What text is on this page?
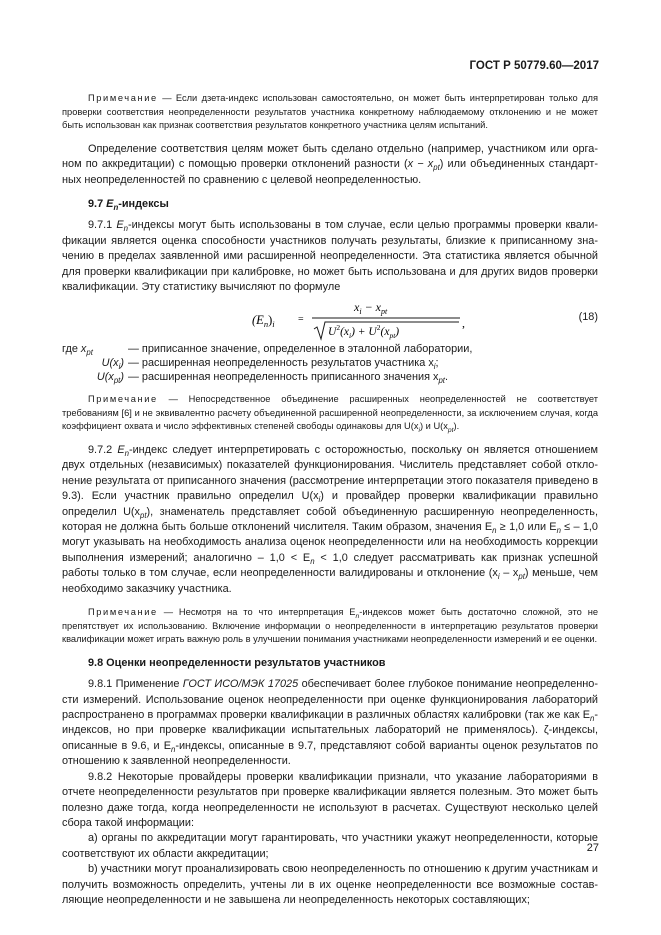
ГОСТ Р 50779.60—2017

Примечание — Если дзета-индекс использован самостоятельно, он может быть интерпретирован только для проверки соответствия неопределенности результатов участника конкретному наблюдаемому отклонению и не может быть использован как признак соответствия результатов конкретного участника целям испытаний.

Определение соответствия целям может быть сделано отдельно (например, участником или органом по аккредитации) с помощью проверки отклонений разности $(x - x_{pt})$ или объединенных стандартных неопределенностей по сравнению с целевой неопределенностью.

9.7 $E_n$-индексы

9.7.1 $E_n$-индексы могут быть использованы в том случае, если целью программы проверки квалификации является оценка способности участников получать результаты, близкие к приписанному значению в пределах заявленной ими расширенной неопределенности. Эта статистика является обычной для проверки квалификации при калибровке, но может быть использована и для других видов проверки квалификации. Эту статистику вычисляют по формуле

$(E_n)_i$ =
$x_i - x_{pt}$
$U^2(x_i) + U^2(x_{pt})$
,	(18)
где $x_{pt}$	— приписанное значение, определенное в эталонной лаборатории,
$U(x_i)$ — расширенная неопределенность результатов участника $x_i$;
$U(x_{pt})$ — расширенная неопределенность приписанного значения $x_{pt}$.

Примечание — Непосредственное объединение расширенных неопределенностей не соответствует требованиям [6] и не эквивалентно расчету объединенной расширенной неопределенности, за исключением случая, когда коэффициент охвата и число эффективных степеней свободы одинаковы для $U(x_i)$ и $U(x_{pt})$.

9.7.2 $E_n$-индекс следует интерпретировать с осторожностью, поскольку он является отношением двух отдельных (независимых) показателей функционирования. Числитель представляет собой отклонение результата от приписанного значения (рассмотрение интерпретации этого показателя приведено в 9.3). Если участник правильно определил $U(x_i)$ и провайдер проверки квалификации правильно определил $U(x_{pt})$, знаменатель представляет собой объединенную расширенную неопределенность, которая не должна быть больше отклонений числителя. Таким образом, значения $E_n \ge 1,0$ или $E_n$ ≤ – 1,0 могут указывать на необходимость анализа оценок неопределенности или на необходимость коррекции выполнения измерений; аналогично – $1,0 < E_n < 1,0$ следует рассматривать как признак успешной работы только в том случае, если неопределенности валидированы и отклонение $(x_i - x_{pt})$ меньше, чем необходимо заказчику участника.

Примечание — Несмотря на то что интерпретация $E_n$-индексов может быть достаточно сложной, это не препятствует их использованию. Включение информации о неопределенности в интерпретацию результатов проверки квалификации может играть важную роль в улучшении понимания участниками неопределенности измерений и ее оценки.

9.8 Оценки неопределенности результатов участников

9.8.1 Применение ГОСТ ИСО/МЭК 17025 обеспечивает более глубокое понимание неопределенности измерений. Использование оценок неопределенности при оценке функционирования лабораторий распространено в программах проверки квалификации в различных областях калибровки (так же как $E_n$-индексов, но при проверке квалификации испытательных лабораторий не применялось). ζ-индексы, описанные в 9.6, и $E_n$-индексы, описанные в 9.7, представляют собой варианты оценок результатов по отношению к заявленной неопределенности.

9.8.2 Некоторые провайдеры проверки квалификации признали, что указание лабораториями в отчете неопределенности результатов при проверке квалификации является полезным. Это может быть полезно даже тогда, когда неопределенности не используют в расчетах. Существуют несколько целей сбора такой информации:

a) органы по аккредитации могут гарантировать, что участники укажут неопределенности, которые соответствуют их области аккредитации;

b) участники могут проанализировать свою неопределенность по отношению к другим участникам и получить возможность определить, учтены ли в их оценке неопределенности все возможные составляющие неопределенности и не завышена ли неопределенность некоторых составляющих;

27
